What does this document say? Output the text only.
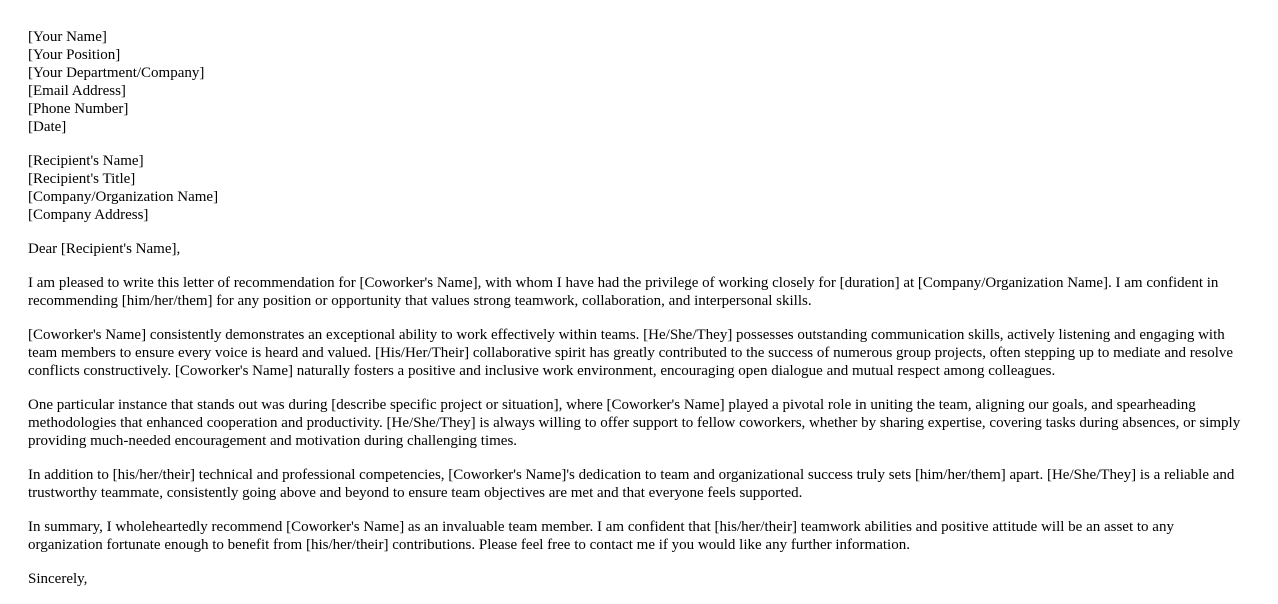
[Your Name]
[Your Position]
[Your Department/Company]
[Email Address]
[Phone Number]
[Date]
[Recipient's Name]
[Recipient's Title]
[Company/Organization Name]
[Company Address]

Dear [Recipient's Name],

I am pleased to write this letter of recommendation for [Coworker's Name], with whom I have had the privilege of working closely for [duration] at [Company/Organization Name]. I am confident in recommending [him/her/them] for any position or opportunity that values strong teamwork, collaboration, and interpersonal skills.

[Coworker's Name] consistently demonstrates an exceptional ability to work effectively within teams. [He/She/They] possesses outstanding communication skills, actively listening and engaging with team members to ensure every voice is heard and valued. [His/Her/Their] collaborative spirit has greatly contributed to the success of numerous group projects, often stepping up to mediate and resolve conflicts constructively. [Coworker's Name] naturally fosters a positive and inclusive work environment, encouraging open dialogue and mutual respect among colleagues.

One particular instance that stands out was during [describe specific project or situation], where [Coworker's Name] played a pivotal role in uniting the team, aligning our goals, and spearheading methodologies that enhanced cooperation and productivity. [He/She/They] is always willing to offer support to fellow coworkers, whether by sharing expertise, covering tasks during absences, or simply providing much-needed encouragement and motivation during challenging times.

In addition to [his/her/their] technical and professional competencies, [Coworker's Name]'s dedication to team and organizational success truly sets [him/her/them] apart. [He/She/They] is a reliable and trustworthy teammate, consistently going above and beyond to ensure team objectives are met and that everyone feels supported.

In summary, I wholeheartedly recommend [Coworker's Name] as an invaluable team member. I am confident that [his/her/their] teamwork abilities and positive attitude will be an asset to any organization fortunate enough to benefit from [his/her/their] contributions. Please feel free to contact me if you would like any further information.

Sincerely,
